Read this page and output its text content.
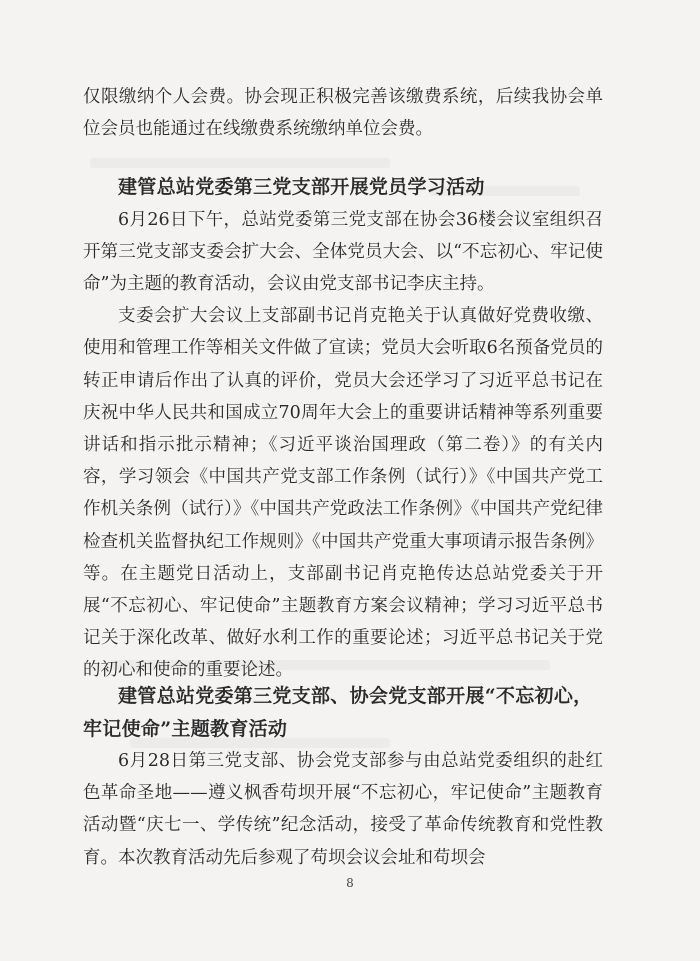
仅限缴纳个人会费。协会现正积极完善该缴费系统，后续我协会单位会员也能通过在线缴费系统缴纳单位会费。

建管总站党委第三党支部开展党员学习活动

6月26日下午，总站党委第三党支部在协会36楼会议室组织召开第三党支部支委会扩大会、全体党员大会、以“不忘初心、牢记使命”为主题的教育活动，会议由党支部书记李庆主持。

支委会扩大会议上支部副书记肖克艳关于认真做好党费收缴、使用和管理工作等相关文件做了宣读；党员大会听取6名预备党员的转正申请后作出了认真的评价，党员大会还学习了习近平总书记在庆祝中华人民共和国成立70周年大会上的重要讲话精神等系列重要讲话和指示批示精神；《习近平谈治国理政（第二卷）》的有关内容，学习领会《中国共产党支部工作条例（试行）》《中国共产党工作机关条例（试行）》《中国共产党政法工作条例》《中国共产党纪律检查机关监督执纪工作规则》《中国共产党重大事项请示报告条例》等。在主题党日活动上，支部副书记肖克艳传达总站党委关于开展“不忘初心、牢记使命”主题教育方案会议精神；学习习近平总书记关于深化改革、做好水利工作的重要论述；习近平总书记关于党的初心和使命的重要论述。

建管总站党委第三党支部、协会党支部开展“不忘初心，牢记使命”主题教育活动

6月28日第三党支部、协会党支部参与由总站党委组织的赴红色革命圣地——遵义枫香苟坝开展“不忘初心，牢记使命”主题教育活动暨“庆七一、学传统”纪念活动，接受了革命传统教育和党性教育。本次教育活动先后参观了苟坝会议会址和苟坝会

8
